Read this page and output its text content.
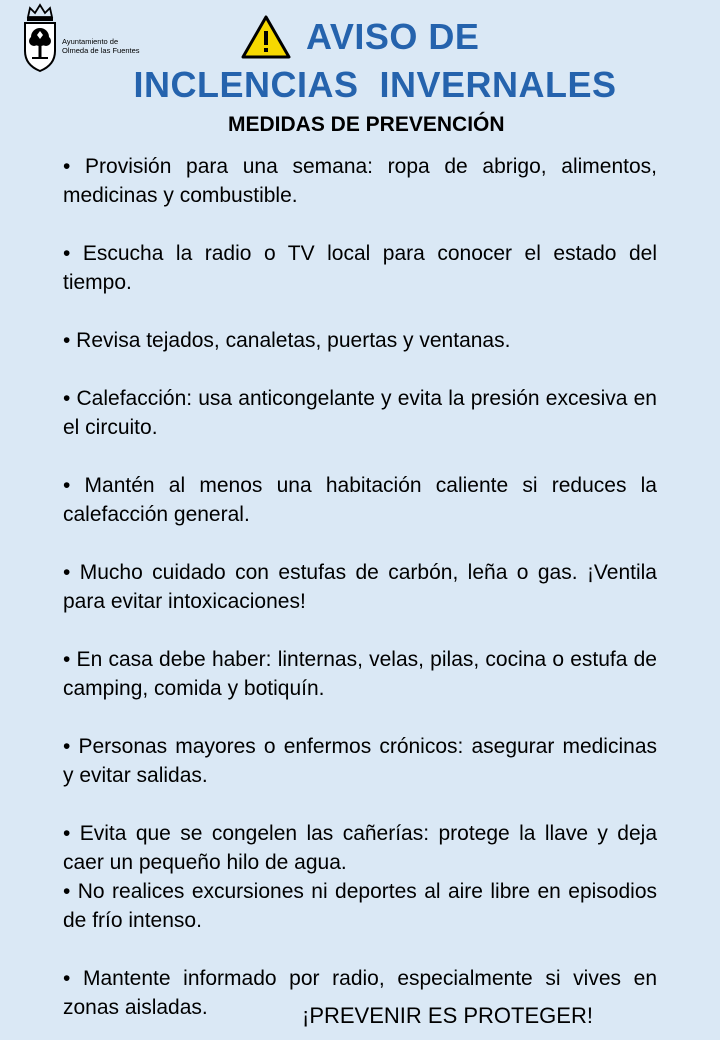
Ayuntamiento de
Olmeda de las Fuentes	AVISO DE
INCLENCIAS  INVERNALES
MEDIDAS DE PREVENCIÓN

• Provisión para una semana: ropa de abrigo, alimentos, medicinas y combustible.

• Escucha la radio o TV local para conocer el estado del tiempo.

• Revisa tejados, canaletas, puertas y ventanas.

• Calefacción: usa anticongelante y evita la presión excesiva en el circuito.

• Mantén al menos una habitación caliente si reduces la calefacción general.

• Mucho cuidado con estufas de carbón, leña o gas. ¡Ventila para evitar intoxicaciones!

• En casa debe haber: linternas, velas, pilas, cocina o estufa de camping, comida y botiquín.

• Personas mayores o enfermos crónicos: asegurar medicinas y evitar salidas.

• Evita que se congelen las cañerías: protege la llave y deja caer un pequeño hilo de agua.

• No realices excursiones ni deportes al aire libre en episodios de frío intenso.

• Mantente informado por radio, especialmente si vives en zonas aisladas.	¡PREVENIR ES PROTEGER!
